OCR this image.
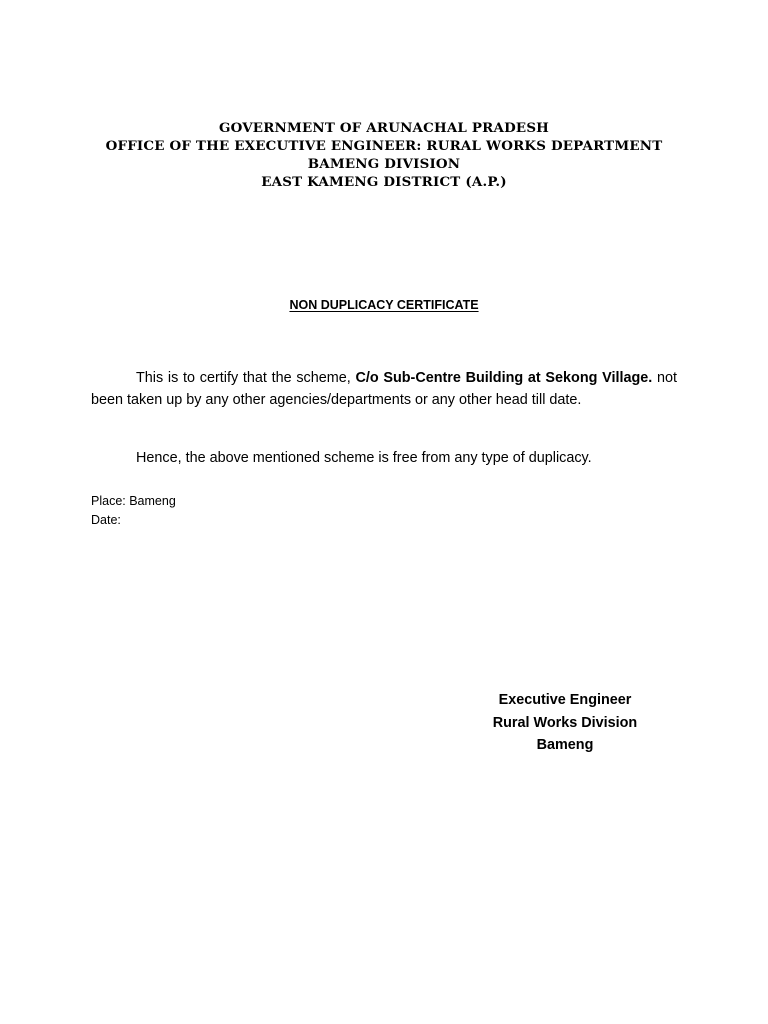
GOVERNMENT OF ARUNACHAL PRADESH
OFFICE OF THE EXECUTIVE ENGINEER: RURAL WORKS DEPARTMENT
BAMENG DIVISION
EAST KAMENG DISTRICT (A.P.)
NON DUPLICACY CERTIFICATE
This is to certify that the scheme, C/o Sub-Centre Building at Sekong Village. not been taken up by any other agencies/departments or any other head till date.
Hence, the above mentioned scheme is free from any type of duplicacy.
Place: Bameng
Date:
Executive Engineer
Rural Works Division
Bameng
